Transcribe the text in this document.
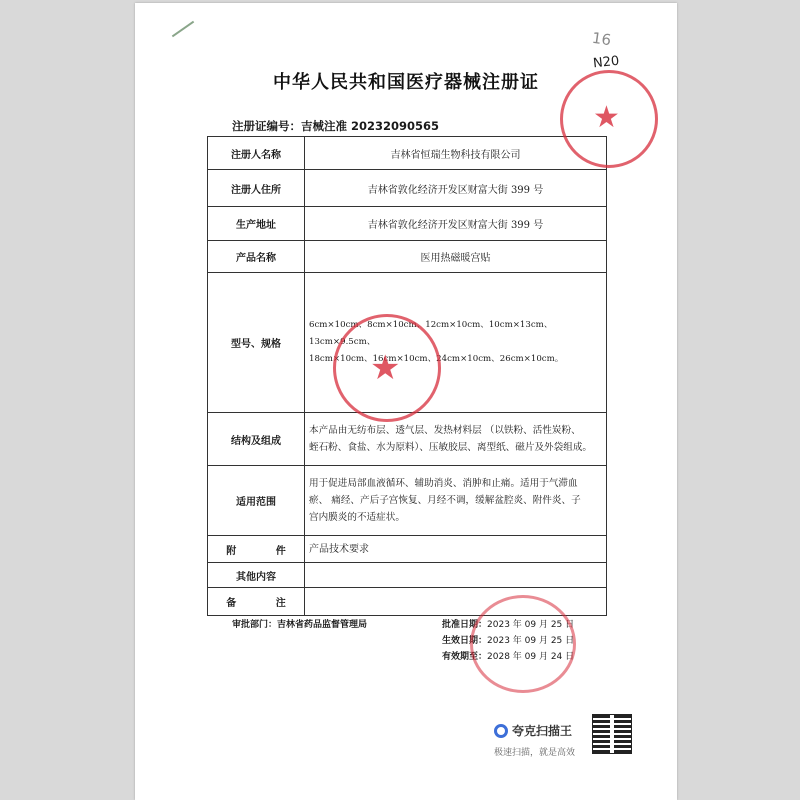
16
N20
中华人民共和国医疗器械注册证
注册证编号：吉械注准 20232090565
注册人名称	吉林省恒瑞生物科技有限公司
注册人住所	吉林省敦化经济开发区财富大街 399 号
生产地址	吉林省敦化经济开发区财富大街 399 号
产品名称	医用热磁暖宫贴
型号、规格	6cm×10cm、8cm×10cm、12cm×10cm、10cm×13cm、13cm×9.5cm、
18cm×10cm、16cm×10cm、24cm×10cm、26cm×10cm。

结构及组成	本产品由无纺布层、透气层、发热材料层 （以铁粉、活性炭粉、
蛭石粉、食盐、水为原料）、压敏胶层、离型纸、磁片及外袋组成。

适用范围	用于促进局部血液循环、辅助消炎、消肿和止痛。适用于气滞血
瘀、 痛经、产后子宫恢复、月经不调，缓解盆腔炎、附件炎、子
宫内膜炎的不适症状。

附 件	产品技术要求
其他内容	
备 注	
审批部门：吉林省药品监督管理局	批准日期：2023 年 09 月 25 日
生效日期：2023 年 09 月 25 日
有效期至：2028 年 09 月 24 日
★
★
夸克扫描王
极速扫描，就是高效
